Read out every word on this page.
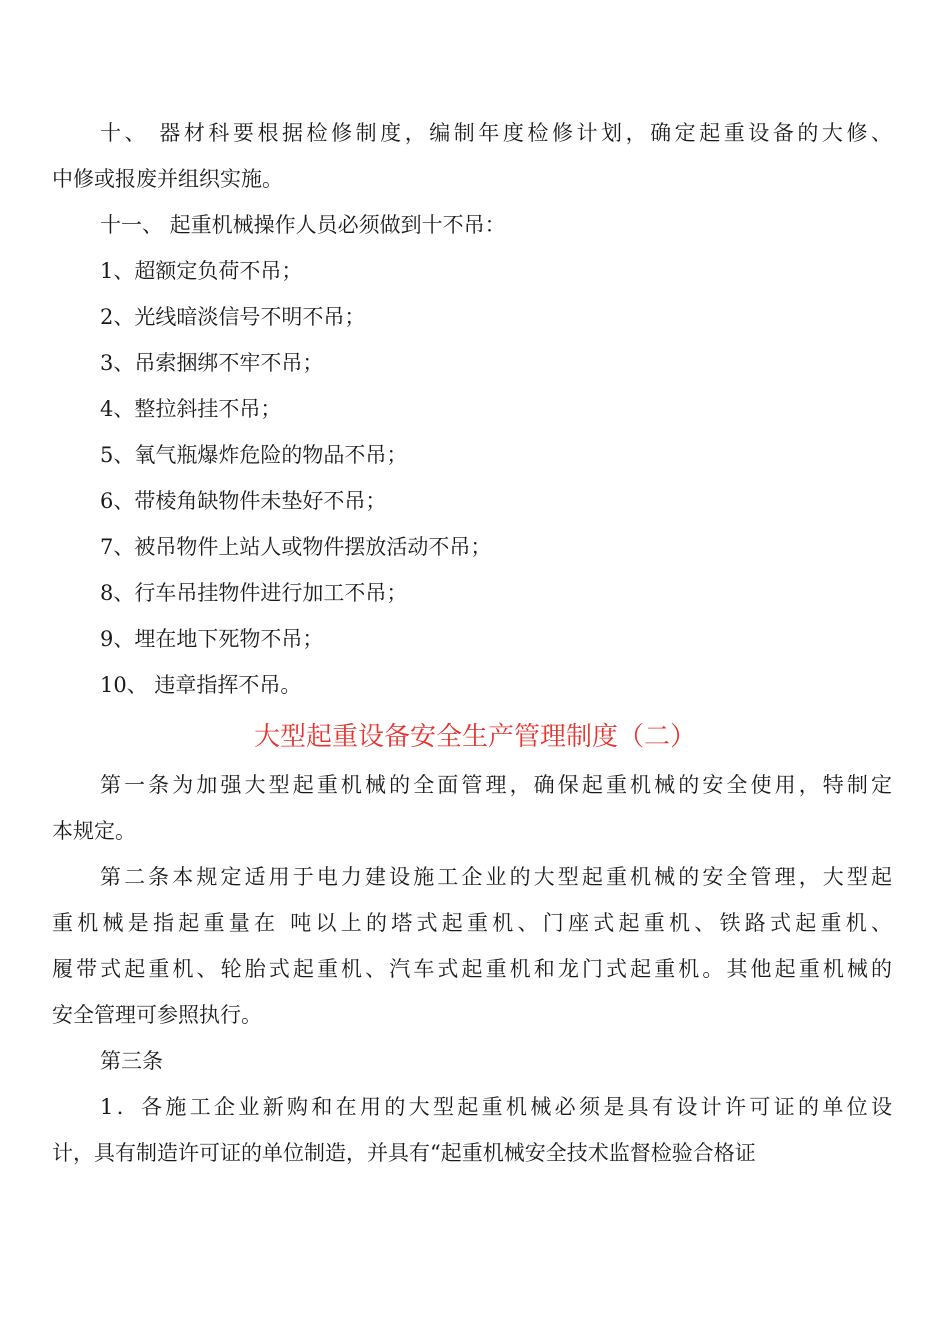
十、 器材科要根据检修制度，编制年度检修计划，确定起重设备的大修、
中修或报废并组织实施。
十一、 起重机械操作人员必须做到十不吊：
1、超额定负荷不吊；
2、光线暗淡信号不明不吊；
3、吊索捆绑不牢不吊；
4、整拉斜挂不吊；
5、氧气瓶爆炸危险的物品不吊；
6、带棱角缺物件未垫好不吊；
7、被吊物件上站人或物件摆放活动不吊；
8、行车吊挂物件进行加工不吊；
9、埋在地下死物不吊；
10、 违章指挥不吊。
大型起重设备安全生产管理制度（二）
第一条为加强大型起重机械的全面管理，确保起重机械的安全使用，特制定
本规定。
第二条本规定适用于电力建设施工企业的大型起重机械的安全管理，大型起
重机械是指起重量在 吨以上的塔式起重机、门座式起重机、铁路式起重机、
履带式起重机、轮胎式起重机、汽车式起重机和龙门式起重机。其他起重机械的
安全管理可参照执行。
第三条
1．各施工企业新购和在用的大型起重机械必须是具有设计许可证的单位设
计，具有制造许可证的单位制造，并具有“起重机械安全技术监督检验合格证
